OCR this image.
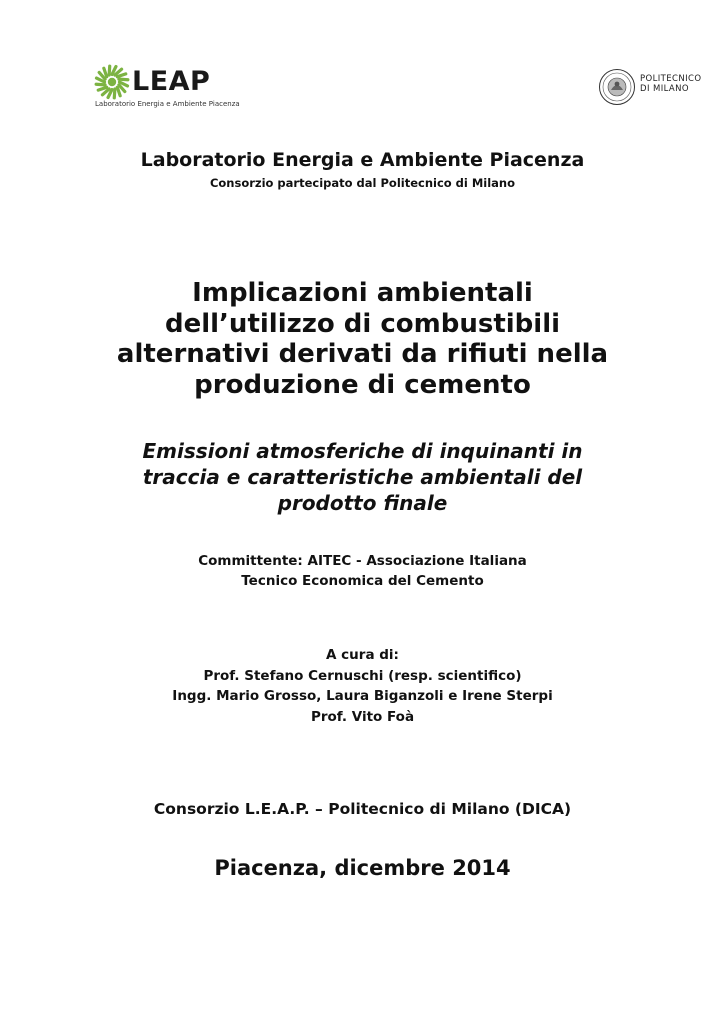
LEAP
Laboratorio Energia e Ambiente Piacenza
POLITECNICO
DI MILANO
Laboratorio Energia e Ambiente Piacenza
Consorzio partecipato dal Politecnico di Milano
Implicazioni ambientali
dell’utilizzo di combustibili
alternativi derivati da rifiuti nella
produzione di cemento
Emissioni atmosferiche di inquinanti in
traccia e caratteristiche ambientali del
prodotto finale
Committente: AITEC - Associazione Italiana
Tecnico Economica del Cemento
A cura di:
Prof. Stefano Cernuschi (resp. scientifico)
Ingg. Mario Grosso, Laura Biganzoli e Irene Sterpi
Prof. Vito Foà
Consorzio L.E.A.P. – Politecnico di Milano (DICA)
Piacenza, dicembre 2014
